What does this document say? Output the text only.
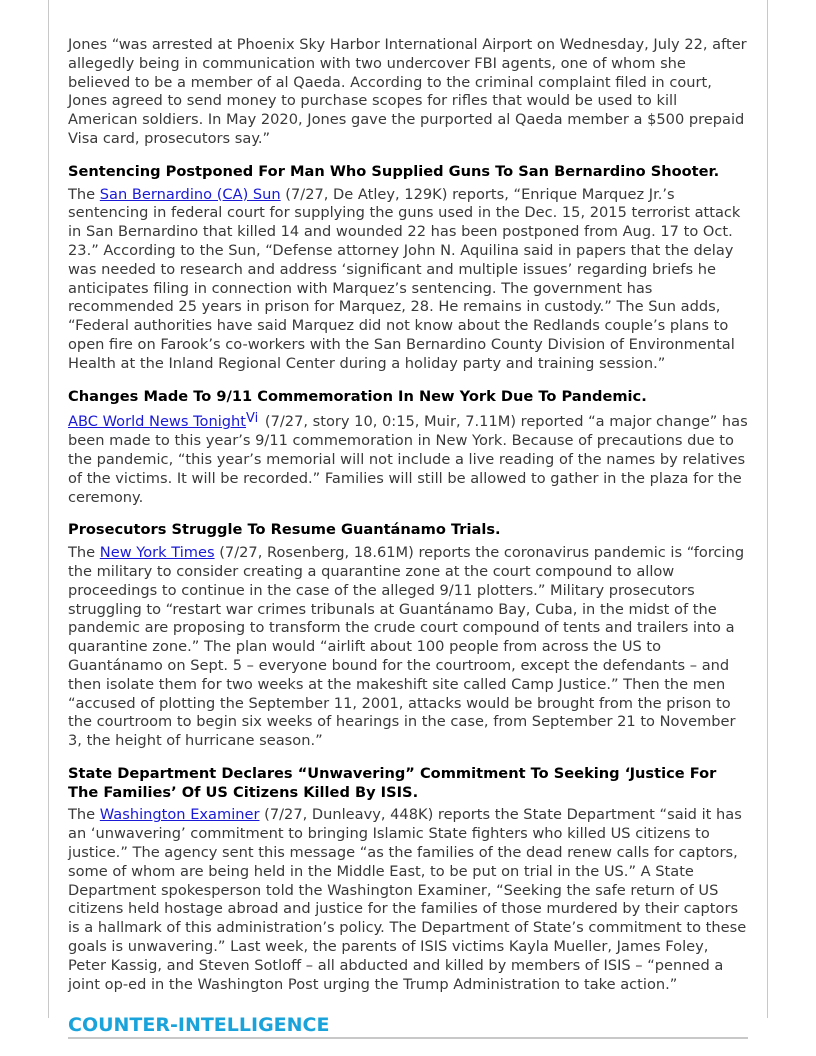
Jones “was arrested at Phoenix Sky Harbor International Airport on Wednesday, July 22, after allegedly being in communication with two undercover FBI agents, one of whom she believed to be a member of al Qaeda. According to the criminal complaint filed in court, Jones agreed to send money to purchase scopes for rifles that would be used to kill American soldiers. In May 2020, Jones gave the purported al Qaeda member a $500 prepaid Visa card, prosecutors say.”

Sentencing Postponed For Man Who Supplied Guns To San Bernardino Shooter.

The San Bernardino (CA) Sun (7/27, De Atley, 129K) reports, “Enrique Marquez Jr.’s sentencing in federal court for supplying the guns used in the Dec. 15, 2015 terrorist attack in San Bernardino that killed 14 and wounded 22 has been postponed from Aug. 17 to Oct. 23.” According to the Sun, “Defense attorney John N. Aquilina said in papers that the delay was needed to research and address ‘significant and multiple issues’ regarding briefs he anticipates filing in connection with Marquez’s sentencing. The government has recommended 25 years in prison for Marquez, 28. He remains in custody.” The Sun adds, “Federal authorities have said Marquez did not know about the Redlands couple’s plans to open fire on Farook’s co-workers with the San Bernardino County Division of Environmental Health at the Inland Regional Center during a holiday party and training session.”

Changes Made To 9/11 Commemoration In New York Due To Pandemic.

ABC World News Tonight$^{Vi}$ (7/27, story 10, 0:15, Muir, 7.11M) reported “a major change” has been made to this year’s 9/11 commemoration in New York. Because of precautions due to the pandemic, “this year’s memorial will not include a live reading of the names by relatives of the victims. It will be recorded.” Families will still be allowed to gather in the plaza for the ceremony.

Prosecutors Struggle To Resume Guantánamo Trials.

The New York Times (7/27, Rosenberg, 18.61M) reports the coronavirus pandemic is “forcing the military to consider creating a quarantine zone at the court compound to allow proceedings to continue in the case of the alleged 9/11 plotters.” Military prosecutors struggling to “restart war crimes tribunals at Guantánamo Bay, Cuba, in the midst of the pandemic are proposing to transform the crude court compound of tents and trailers into a quarantine zone.” The plan would “airlift about 100 people from across the US to Guantánamo on Sept. 5 – everyone bound for the courtroom, except the defendants – and then isolate them for two weeks at the makeshift site called Camp Justice.” Then the men “accused of plotting the September 11, 2001, attacks would be brought from the prison to the courtroom to begin six weeks of hearings in the case, from September 21 to November 3, the height of hurricane season.”

State Department Declares “Unwavering” Commitment To Seeking ‘Justice For The Families’ Of US Citizens Killed By ISIS.

The Washington Examiner (7/27, Dunleavy, 448K) reports the State Department “said it has an ‘unwavering’ commitment to bringing Islamic State fighters who killed US citizens to justice.” The agency sent this message “as the families of the dead renew calls for captors, some of whom are being held in the Middle East, to be put on trial in the US.” A State Department spokesperson told the Washington Examiner, “Seeking the safe return of US citizens held hostage abroad and justice for the families of those murdered by their captors is a hallmark of this administration’s policy. The Department of State’s commitment to these goals is unwavering.” Last week, the parents of ISIS victims Kayla Mueller, James Foley, Peter Kassig, and Steven Sotloff – all abducted and killed by members of ISIS – “penned a joint op-ed in the Washington Post urging the Trump Administration to take action.”

COUNTER-INTELLIGENCE
